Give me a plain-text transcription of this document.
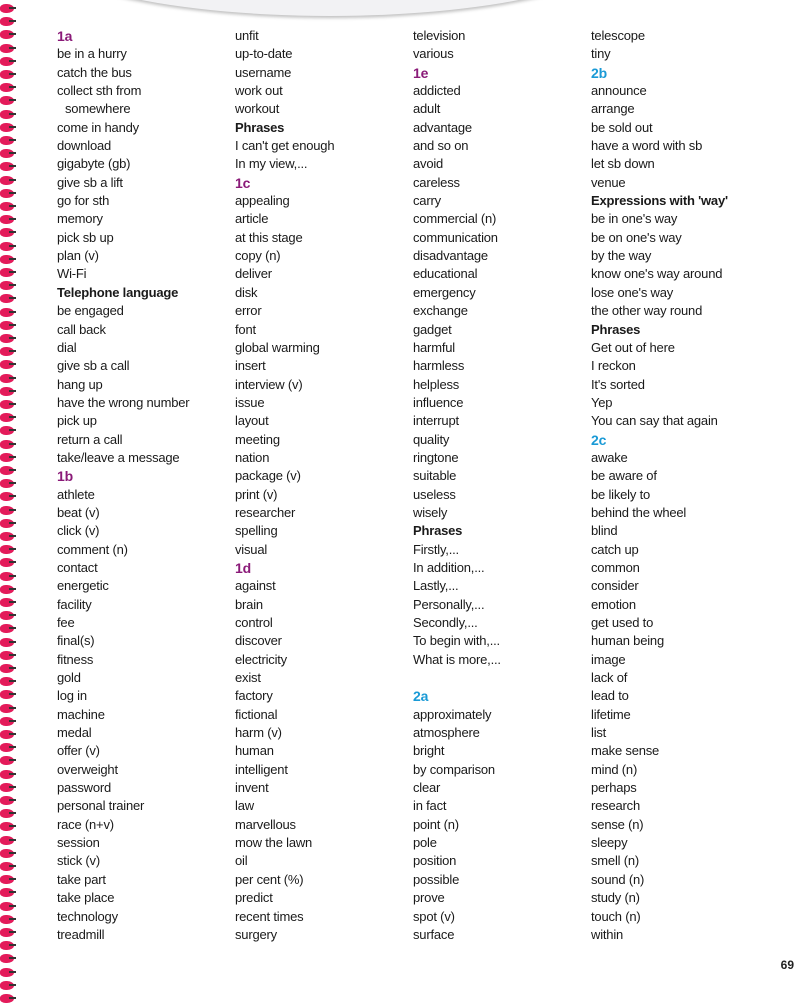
1a
be in a hurry
catch the bus
collect sth from
somewhere
come in handy
download
gigabyte (gb)
give sb a lift
go for sth
memory
pick sb up
plan (v)
Wi-Fi
Telephone language
be engaged
call back
dial
give sb a call
hang up
have the wrong number
pick up
return a call
take/leave a message
1b
athlete
beat (v)
click (v)
comment (n)
contact
energetic
facility
fee
final(s)
fitness
gold
log in
machine
medal
offer (v)
overweight
password
personal trainer
race (n+v)
session
stick (v)
take part
take place
technology
treadmill
unfit
up-to-date
username
work out
workout
Phrases
I can't get enough
In my view,...
1c
appealing
article
at this stage
copy (n)
deliver
disk
error
font
global warming
insert
interview (v)
issue
layout
meeting
nation
package (v)
print (v)
researcher
spelling
visual
1d
against
brain
control
discover
electricity
exist
factory
fictional
harm (v)
human
intelligent
invent
law
marvellous
mow the lawn
oil
per cent (%)
predict
recent times
surgery
television
various
1e
addicted
adult
advantage
and so on
avoid
careless
carry
commercial (n)
communication
disadvantage
educational
emergency
exchange
gadget
harmful
harmless
helpless
influence
interrupt
quality
ringtone
suitable
useless
wisely
Phrases
Firstly,...
In addition,...
Lastly,...
Personally,...
Secondly,...
To begin with,...
What is more,...
2a
approximately
atmosphere
bright
by comparison
clear
in fact
point (n)
pole
position
possible
prove
spot (v)
surface
telescope
tiny
2b
announce
arrange
be sold out
have a word with sb
let sb down
venue
Expressions with 'way'
be in one's way
be on one's way
by the way
know one's way around
lose one's way
the other way round
Phrases
Get out of here
I reckon
It's sorted
Yep
You can say that again
2c
awake
be aware of
be likely to
behind the wheel
blind
catch up
common
consider
emotion
get used to
human being
image
lack of
lead to
lifetime
list
make sense
mind (n)
perhaps
research
sense (n)
sleepy
smell (n)
sound (n)
study (n)
touch (n)
within
69
